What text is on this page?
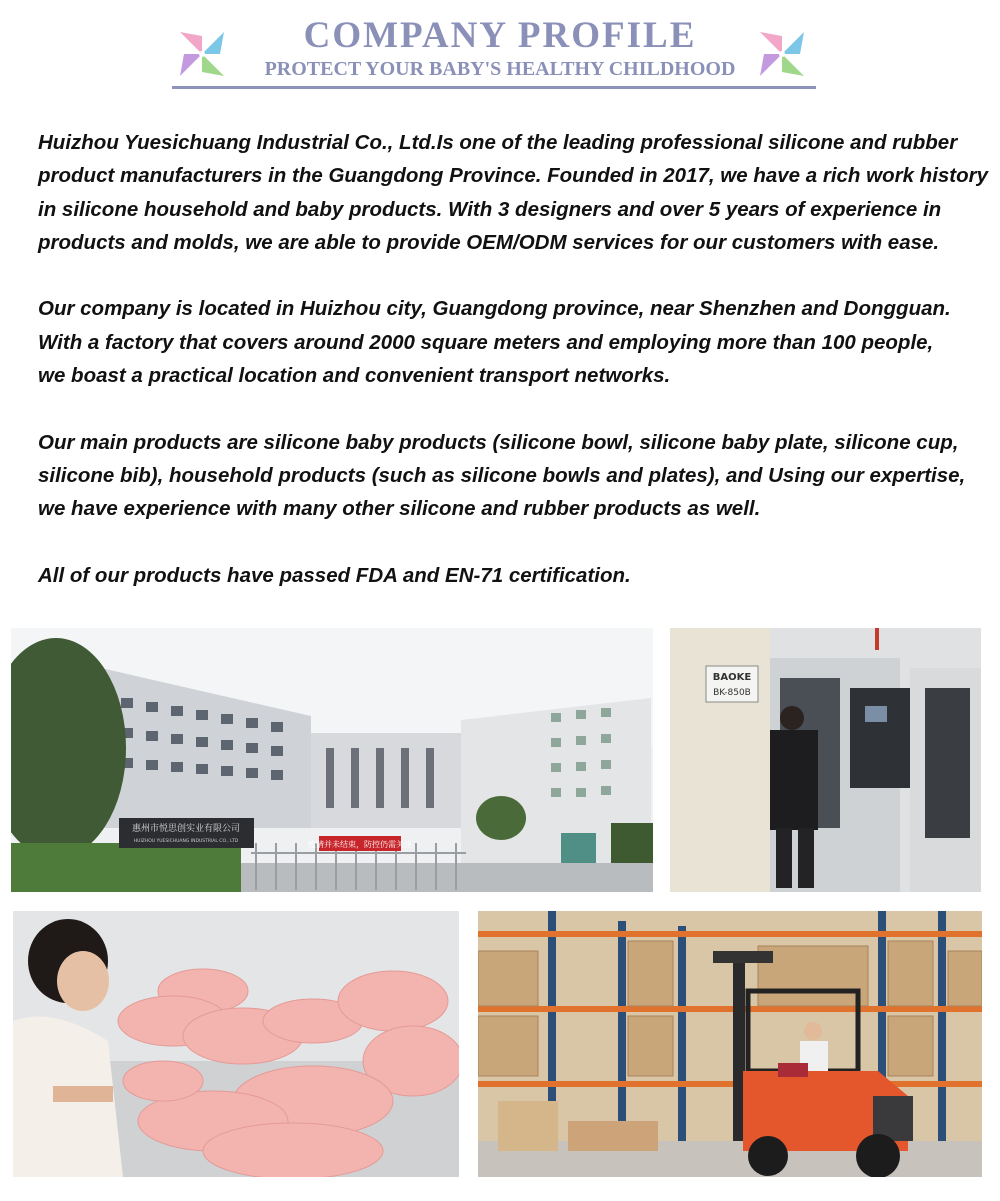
COMPANY PROFILE
PROTECT YOUR BABY'S HEALTHY CHILDHOOD

Huizhou Yuesichuang Industrial Co., Ltd.Is one of the leading professional silicone and rubber
product manufacturers in the Guangdong Province. Founded in 2017, we have a rich work history
in silicone household and baby products. With 3 designers and over 5 years of experience in
products and molds, we are able to provide OEM/ODM services for our customers with ease.

Our company is located in Huizhou city, Guangdong province, near Shenzhen and Dongguan.
With a factory that covers around 2000 square meters and employing more than 100 people,
we boast a practical location and convenient transport networks.

Our main products are silicone baby products (silicone bowl, silicone baby plate, silicone cup,
silicone bib), household products (such as silicone bowls and plates), and Using our expertise,
we have experience with many other silicone and rubber products as well.

All of our products have passed FDA and EN-71 certification.

惠州市悦思创实业有限公司
HUIZHOU YUESICHUANG INDUSTRIAL CO., LTD	疫情并未结束，防控仍需关注
BAOKE
BK-850B
